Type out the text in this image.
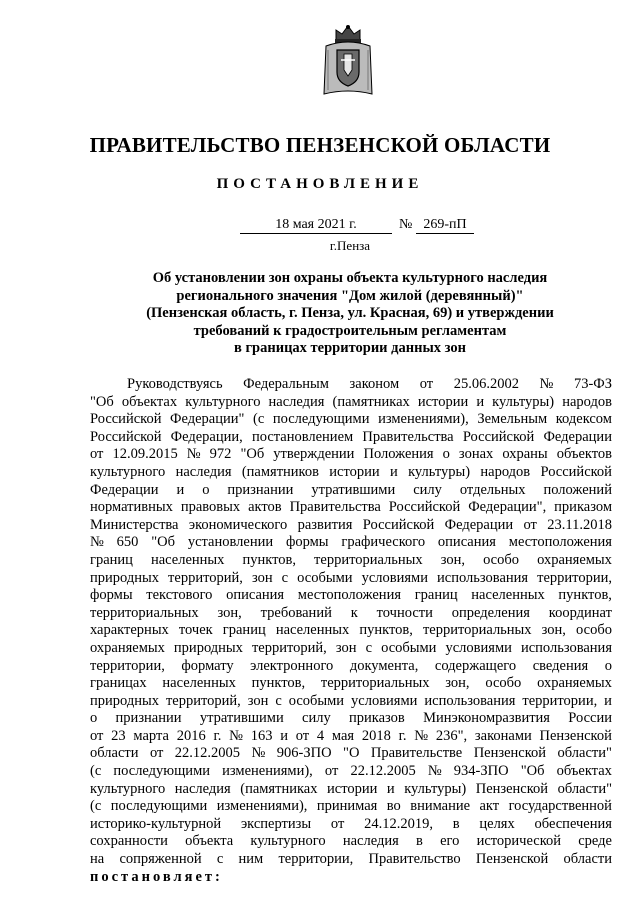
ПРАВИТЕЛЬСТВО ПЕНЗЕНСКОЙ ОБЛАСТИ
ПОСТАНОВЛЕНИЕ
18 мая 2021 г.	№ 269-пП
г.Пенза
Об установлении зон охраны объекта культурного наследия
регионального значения "Дом жилой (деревянный)"
(Пензенская область, г. Пенза, ул. Красная, 69) и утверждении
требований к градостроительным регламентам
в границах территории данных зон
Руководствуясь Федеральным законом от 25.06.2002 № 73-ФЗ
"Об объектах культурного наследия (памятниках истории и культуры) народов
Российской Федерации" (с последующими изменениями), Земельным кодексом
Российской Федерации, постановлением Правительства Российской Федерации
от 12.09.2015 № 972 "Об утверждении Положения о зонах охраны объектов
культурного наследия (памятников истории и культуры) народов Российской
Федерации и о признании утратившими силу отдельных положений
нормативных правовых актов Правительства Российской Федерации", приказом
Министерства экономического развития Российской Федерации от 23.11.2018
№ 650 "Об установлении формы графического описания местоположения
границ населенных пунктов, территориальных зон, особо охраняемых
природных территорий, зон с особыми условиями использования территории,
формы текстового описания местоположения границ населенных пунктов,
территориальных зон, требований к точности определения координат
характерных точек границ населенных пунктов, территориальных зон, особо
охраняемых природных территорий, зон с особыми условиями использования
территории, формату электронного документа, содержащего сведения о
границах населенных пунктов, территориальных зон, особо охраняемых
природных территорий, зон с особыми условиями использования территории, и
о признании утратившими силу приказов Минэкономразвития России
от 23 марта 2016 г. № 163 и от 4 мая 2018 г. № 236", законами Пензенской
области от 22.12.2005 № 906-ЗПО "О Правительстве Пензенской области"
(с последующими изменениями), от 22.12.2005 № 934-ЗПО "Об объектах
культурного наследия (памятниках истории и культуры) Пензенской области"
(с последующими изменениями), принимая во внимание акт государственной
историко-культурной экспертизы от 24.12.2019, в целях обеспечения
сохранности объекта культурного наследия в его исторической среде
на сопряженной с ним территории, Правительство Пензенской области
постановляет:
